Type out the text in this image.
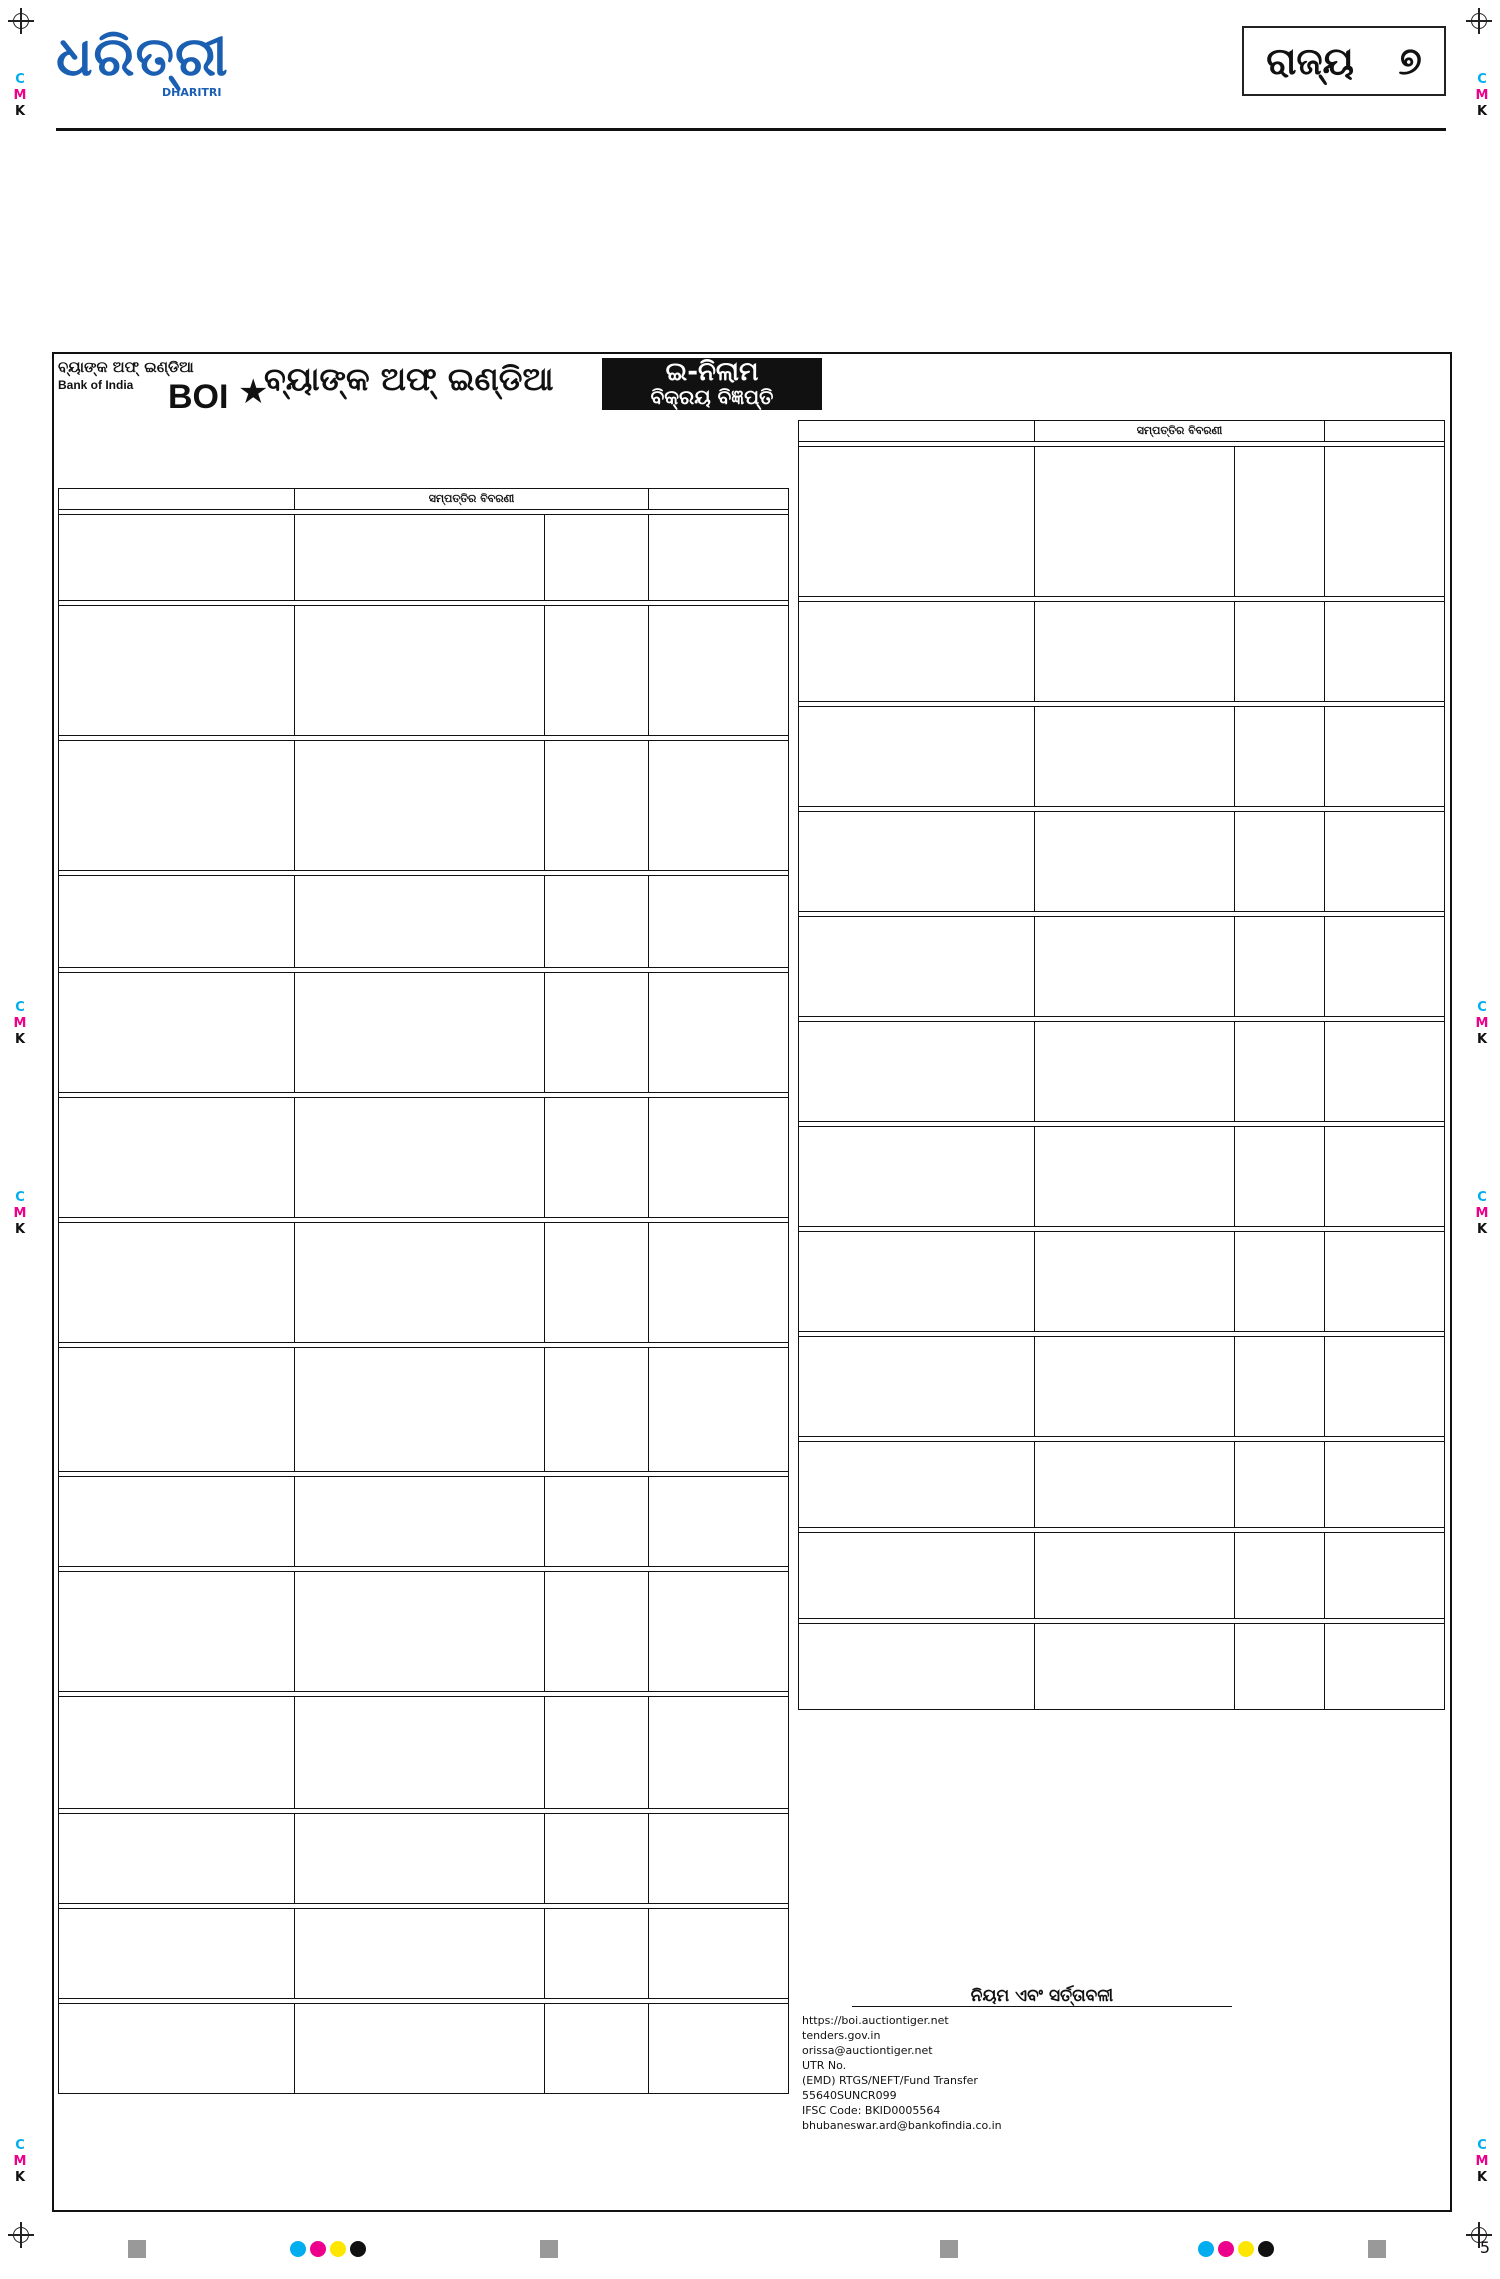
C
M
K
C
M
K
C
M
K
C
M
K
C
M
K
C
M
K
C
M
K
C
M
K
ଧରିତ୍ରୀ
DHARITRI
ରାଜ୍ୟ ୭
ବ୍ୟାଙ୍କ ଅଫ୍ ଇଣ୍ଡିଆ
Bank of India	BOI ★
ବ୍ୟାଙ୍କ ଅଫ୍ ଇଣ୍ଡିଆ	ଇ-ନିଲାମ
ବିକ୍ରୟ ବିଜ୍ଞପ୍ତି
	ସମ୍ପତ୍ତିର ବିବରଣୀ		

	ସମ୍ପତ୍ତିର ବିବରଣୀ		

ନିୟମ ଏବଂ ସର୍ତ୍ତାବଳୀ
https://boi.auctiontiger.net
tenders.gov.in
orissa@auctiontiger.net
UTR No.
(EMD) RTGS/NEFT/Fund Transfer
55640SUNCR099
IFSC Code: BKID0005564
bhubaneswar.ard@bankofindia.co.in
5
